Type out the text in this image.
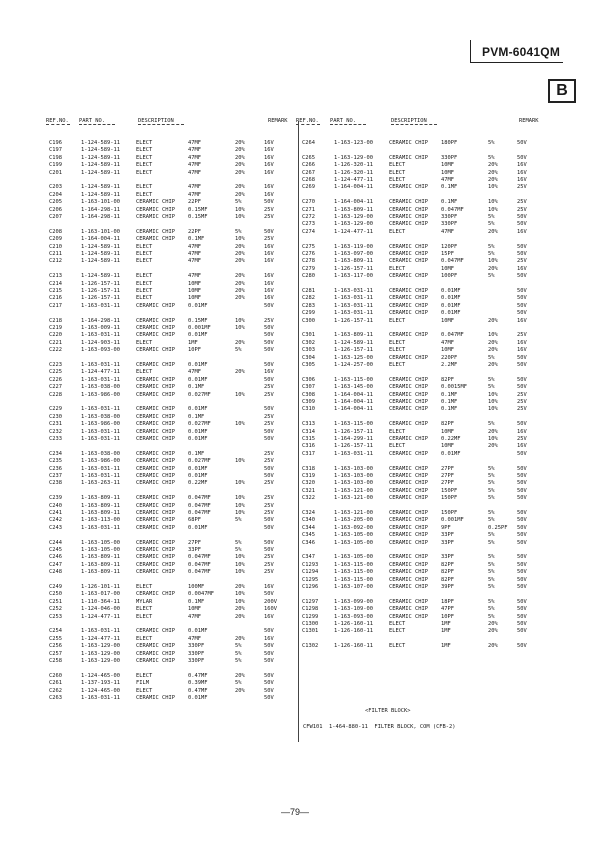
PVM-6041QM
B
REF.NO. PART NO.	DESCRIPTION	REMARK REF.NO. PART NO.	DESCRIPTION	REMARK
C196	1-124-589-11	ELECT	47MF	20%	16V
C197	1-124-589-11	ELECT	47MF	20%	16V
C198	1-124-589-11	ELECT	47MF	20%	16V
C199	1-124-589-11	ELECT	47MF	20%	16V
C201	1-124-589-11	ELECT	47MF	20%	16V
C203	1-124-589-11	ELECT	47MF	20%	16V
C204	1-124-589-11	ELECT	47MF	20%	16V
C205	1-163-101-00	CERAMIC CHIP 22PF	5%	50V
C206	1-164-298-11	CERAMIC CHIP 0.15MF	10%	25V
C207	1-164-298-11	CERAMIC CHIP 0.15MF	10%	25V
C208	1-163-101-00	CERAMIC CHIP 22PF	5%	50V
C209	1-164-004-11	CERAMIC CHIP 0.1MF	10%	25V
C210	1-124-589-11	ELECT	47MF	20%	16V
C211	1-124-589-11	ELECT	47MF	20%	16V
C212	1-124-589-11	ELECT	47MF	20%	16V
C213	1-124-589-11	ELECT	47MF	20%	16V
C214	1-126-157-11	ELECT	10MF	20%	16V
C215	1-126-157-11	ELECT	10MF	20%	16V
C216	1-126-157-11	ELECT	10MF	20%	16V
C217	1-163-031-11	CERAMIC CHIP 0.01MF	50V
C218	1-164-298-11	CERAMIC CHIP 0.15MF	10%	25V
C219	1-163-009-11	CERAMIC CHIP 0.001MF	10%	50V
C220	1-163-031-11	CERAMIC CHIP 0.01MF	50V
C221	1-124-903-11	ELECT	1MF	20%	50V
C222	1-163-093-00	CERAMIC CHIP 10PF	5%	50V
C223	1-163-031-11	CERAMIC CHIP 0.01MF	50V
C225	1-124-477-11	ELECT	47MF	20%	16V
C226	1-163-031-11	CERAMIC CHIP 0.01MF	50V
C227	1-163-038-00	CERAMIC CHIP 0.1MF	25V
C228	1-163-986-00	CERAMIC CHIP 0.027MF	10%	25V
C229	1-163-031-11	CERAMIC CHIP 0.01MF	50V
C230	1-163-038-00	CERAMIC CHIP 0.1MF	25V
C231	1-163-986-00	CERAMIC CHIP 0.027MF	10%	25V
C232	1-163-031-11	CERAMIC CHIP 0.01MF	50V
C233	1-163-031-11	CERAMIC CHIP 0.01MF	50V
C234	1-163-038-00	CERAMIC CHIP 0.1MF	25V
C235	1-163-986-00	CERAMIC CHIP 0.027MF	10%	25V
C236	1-163-031-11	CERAMIC CHIP 0.01MF	50V
C237	1-163-031-11	CERAMIC CHIP 0.01MF	50V
C238	1-163-263-11	CERAMIC CHIP 0.22MF	10%	25V
C239	1-163-809-11	CERAMIC CHIP 0.047MF	10%	25V
C240	1-163-809-11	CERAMIC CHIP 0.047MF	10%	25V
C241	1-163-809-11	CERAMIC CHIP 0.047MF	10%	25V
C242	1-163-113-00	CERAMIC CHIP 68PF	5%	50V
C243	1-163-031-11	CERAMIC CHIP 0.01MF	50V
C244	1-163-105-00	CERAMIC CHIP 27PF	5%	50V
C245	1-163-105-00	CERAMIC CHIP 33PF	5%	50V
C246	1-163-809-11	CERAMIC CHIP 0.047MF	10%	25V
C247	1-163-809-11	CERAMIC CHIP 0.047MF	10%	25V
C248	1-163-809-11	CERAMIC CHIP 0.047MF	10%	25V
C249	1-126-101-11	ELECT	100MF	20%	16V
C250	1-163-017-00	CERAMIC CHIP 0.0047MF	10%	50V
C251	1-110-364-11	MYLAR	0.1MF	10%	200V
C252	1-124-046-00	ELECT	10MF	20%	160V
C253	1-124-477-11	ELECT	47MF	20%	16V
C254	1-163-031-11	CERAMIC CHIP 0.01MF	50V
C255	1-124-477-11	ELECT	47MF	20%	16V
C256	1-163-129-00	CERAMIC CHIP 330PF	5%	50V
C257	1-163-129-00	CERAMIC CHIP 330PF	5%	50V
C258	1-163-129-00	CERAMIC CHIP 330PF	5%	50V
C260	1-124-465-00	ELECT	0.47MF	20%	50V
C261	1-137-193-11	FILM	0.39MF	5%	50V
C262	1-124-465-00	ELECT	0.47MF	20%	50V
C263	1-163-031-11	CERAMIC CHIP 0.01MF	50V
C264	1-163-123-00	CERAMIC CHIP 180PF	5%	50V
C265	1-163-129-00	CERAMIC CHIP 330PF	5%	50V
C266	1-126-320-11	ELECT	10MF	20%	16V
C267	1-126-320-11	ELECT	10MF	20%	16V
C268	1-124-477-11	ELECT	47MF	20%	16V
C269	1-164-004-11	CERAMIC CHIP 0.1MF	10%	25V
C270	1-164-004-11	CERAMIC CHIP 0.1MF	10%	25V
C271	1-163-809-11	CERAMIC CHIP 0.047MF	10%	25V
C272	1-163-129-00	CERAMIC CHIP 330PF	5%	50V
C273	1-163-129-00	CERAMIC CHIP 330PF	5%	50V
C274	1-124-477-11	ELECT	47MF	20%	16V
C275	1-163-119-00	CERAMIC CHIP 120PF	5%	50V
C276	1-163-097-00	CERAMIC CHIP 15PF	5%	50V
C278	1-163-809-11	CERAMIC CHIP 0.047MF	10%	25V
C279	1-126-157-11	ELECT	10MF	20%	16V
C280	1-163-117-00	CERAMIC CHIP 100PF	5%	50V
C281	1-163-031-11	CERAMIC CHIP 0.01MF	50V
C282	1-163-031-11	CERAMIC CHIP 0.01MF	50V
C283	1-163-031-11	CERAMIC CHIP 0.01MF	50V
C299	1-163-031-11	CERAMIC CHIP 0.01MF	50V
C300	1-126-157-11	ELECT	10MF	20%	16V
C301	1-163-809-11	CERAMIC CHIP 0.047MF	10%	25V
C302	1-124-589-11	ELECT	47MF	20%	16V
C303	1-126-157-11	ELECT	10MF	20%	16V
C304	1-163-125-00	CERAMIC CHIP 220PF	5%	50V
C305	1-124-257-00	ELECT	2.2MF	20%	50V
C306	1-163-115-00	CERAMIC CHIP 82PF	5%	50V
C307	1-163-145-00	CERAMIC CHIP 0.0015MF	5%	50V
C308	1-164-004-11	CERAMIC CHIP 0.1MF	10%	25V
C309	1-164-004-11	CERAMIC CHIP 0.1MF	10%	25V
C310	1-164-004-11	CERAMIC CHIP 0.1MF	10%	25V
C313	1-163-115-00	CERAMIC CHIP 82PF	5%	50V
C314	1-126-157-11	ELECT	10MF	20%	16V
C315	1-164-299-11	CERAMIC CHIP 0.22MF	10%	25V
C316	1-126-157-11	ELECT	10MF	20%	16V
C317	1-163-031-11	CERAMIC CHIP 0.01MF	50V
C318	1-163-103-00	CERAMIC CHIP 27PF	5%	50V
C319	1-163-103-00	CERAMIC CHIP 27PF	5%	50V
C320	1-163-103-00	CERAMIC CHIP 27PF	5%	50V
C321	1-163-121-00	CERAMIC CHIP 150PF	5%	50V
C322	1-163-121-00	CERAMIC CHIP 150PF	5%	50V
C324	1-163-121-00	CERAMIC CHIP 150PF	5%	50V
C340	1-163-205-00	CERAMIC CHIP 0.001MF	5%	50V
C344	1-163-092-00	CERAMIC CHIP 9PF	0.25PF 50V
C345	1-163-105-00	CERAMIC CHIP 33PF	5%	50V
C346	1-163-105-00	CERAMIC CHIP 33PF	5%	50V
C347	1-163-105-00	CERAMIC CHIP 33PF	5%	50V
C1293	1-163-115-00	CERAMIC CHIP 82PF	5%	50V
C1294	1-163-115-00	CERAMIC CHIP 82PF	5%	50V
C1295	1-163-115-00	CERAMIC CHIP 82PF	5%	50V
C1296	1-163-107-00	CERAMIC CHIP 39PF	5%	50V
C1297	1-163-099-00	CERAMIC CHIP 18PF	5%	50V
C1298	1-163-109-00	CERAMIC CHIP 47PF	5%	50V
C1299	1-163-093-00	CERAMIC CHIP 10PF	5%	50V
C1300	1-126-160-11	ELECT	1MF	20%	50V
C1301	1-126-160-11	ELECT	1MF	20%	50V
C1302	1-126-160-11	ELECT	1MF	20%	50V
<FILTER BLOCK>
CFW101  1-464-880-11  FILTER BLOCK, COM (CFB-2)
—79—
